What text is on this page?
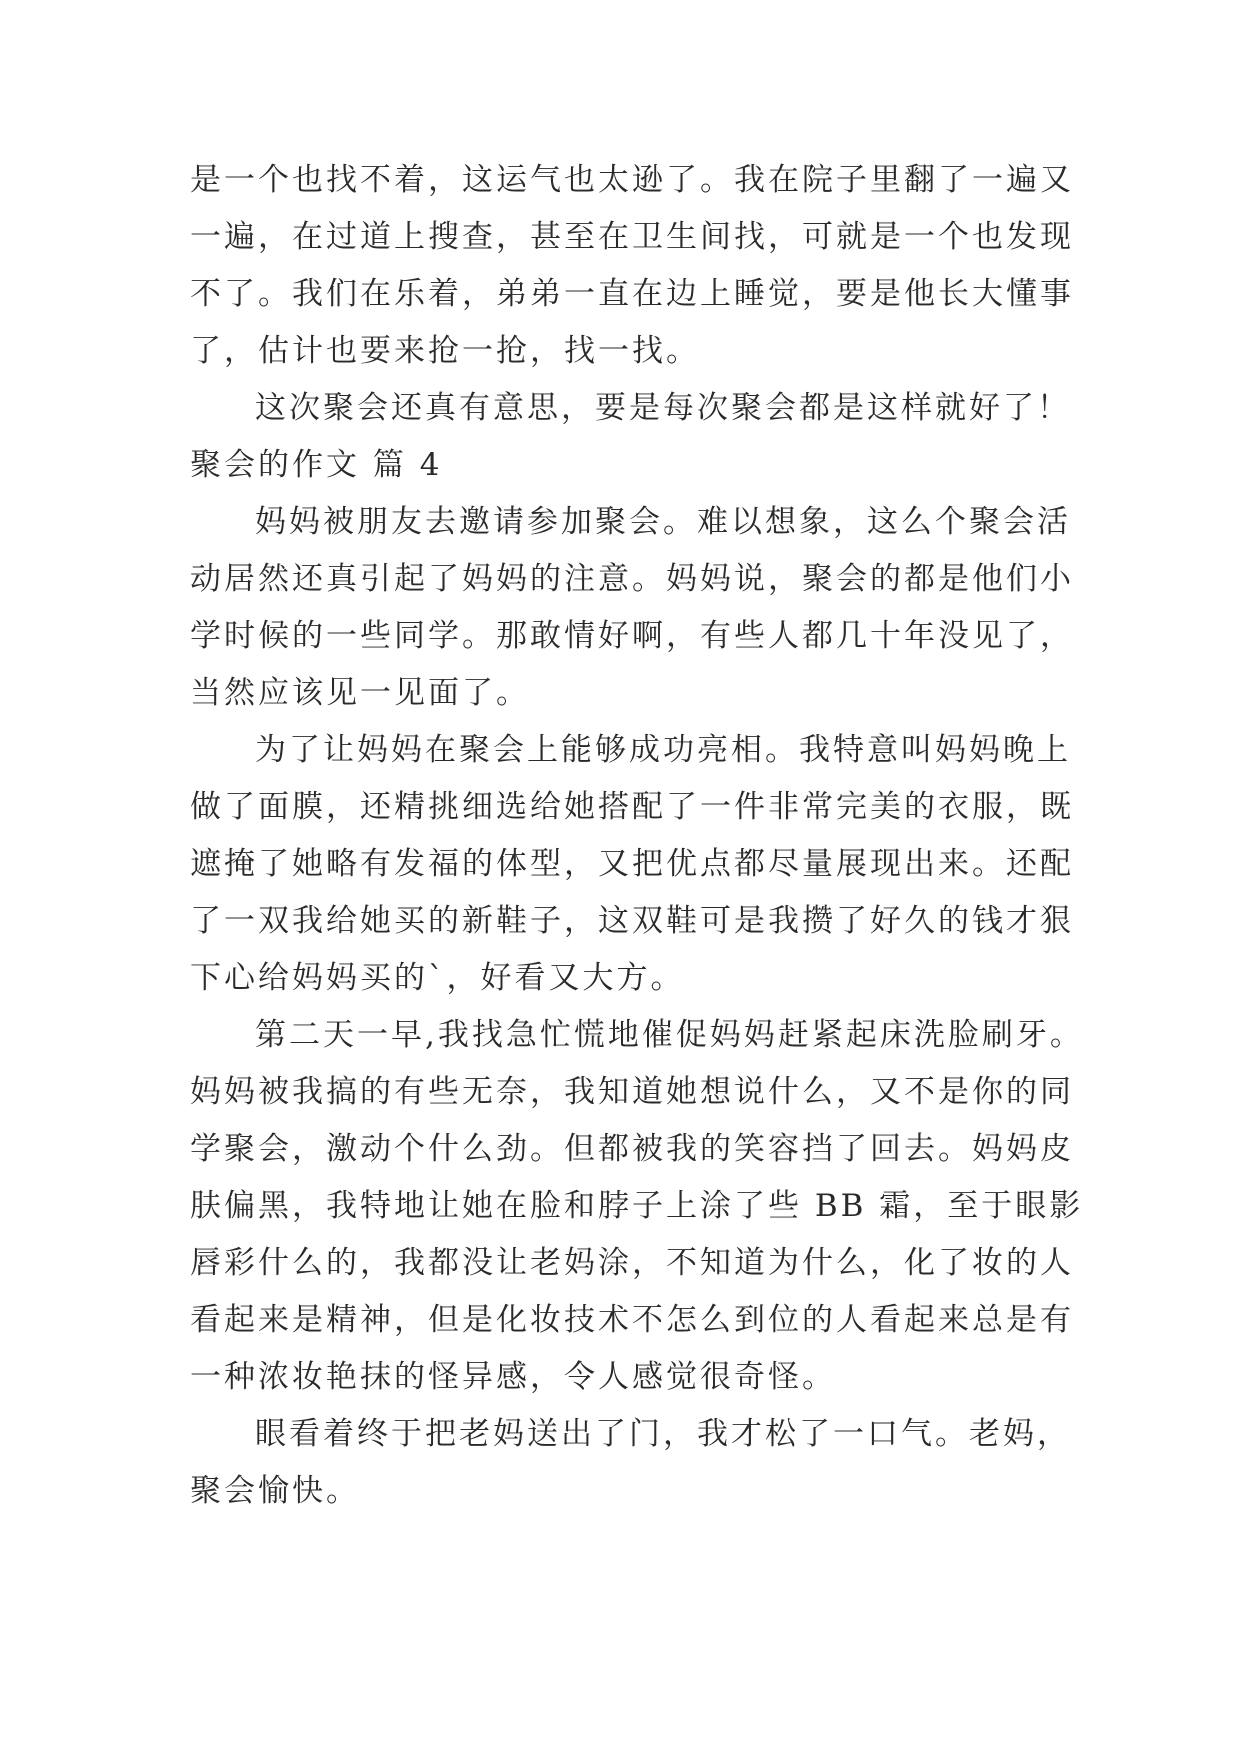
是一个也找不着，这运气也太逊了。我在院子里翻了一遍又
一遍，在过道上搜查，甚至在卫生间找，可就是一个也发现
不了。我们在乐着，弟弟一直在边上睡觉，要是他长大懂事
了，估计也要来抢一抢，找一找。
这次聚会还真有意思，要是每次聚会都是这样就好了！
聚会的作文 篇 4
妈妈被朋友去邀请参加聚会。难以想象，这么个聚会活
动居然还真引起了妈妈的注意。妈妈说，聚会的都是他们小
学时候的一些同学。那敢情好啊，有些人都几十年没见了，
当然应该见一见面了。
为了让妈妈在聚会上能够成功亮相。我特意叫妈妈晚上
做了面膜，还精挑细选给她搭配了一件非常完美的衣服，既
遮掩了她略有发福的体型，又把优点都尽量展现出来。还配
了一双我给她买的新鞋子，这双鞋可是我攒了好久的钱才狠
下心给妈妈买的`，好看又大方。
第二天一早,我找急忙慌地催促妈妈赶紧起床洗脸刷牙。
妈妈被我搞的有些无奈，我知道她想说什么，又不是你的同
学聚会，激动个什么劲。但都被我的笑容挡了回去。妈妈皮
肤偏黑，我特地让她在脸和脖子上涂了些 BB 霜，至于眼影
唇彩什么的，我都没让老妈涂，不知道为什么，化了妆的人
看起来是精神，但是化妆技术不怎么到位的人看起来总是有
一种浓妆艳抹的怪异感，令人感觉很奇怪。
眼看着终于把老妈送出了门，我才松了一口气。老妈，
聚会愉快。
